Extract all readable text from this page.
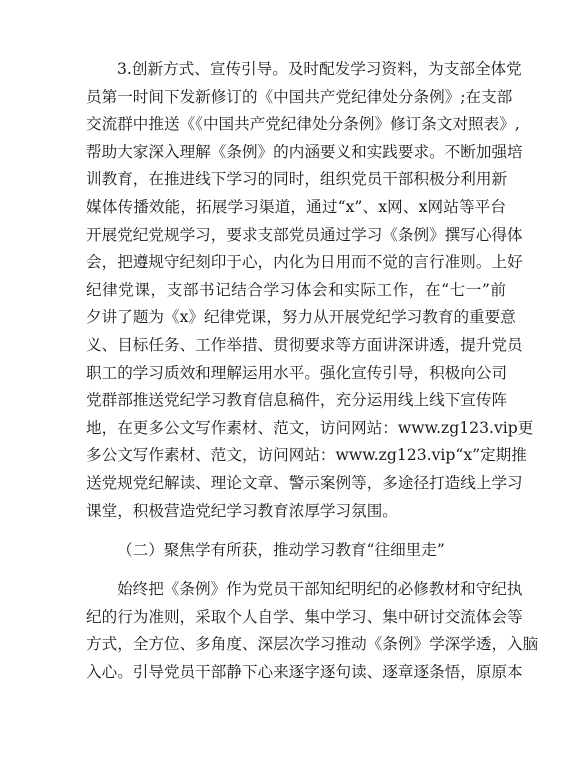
3.创新方式、宣传引导。及时配发学习资料，为支部全体党
员第一时间下发新修订的《中国共产党纪律处分条例》;在支部
交流群中推送《《中国共产党纪律处分条例》修订条文对照表》,
帮助大家深入理解《条例》的内涵要义和实践要求。不断加强培
训教育，在推进线下学习的同时，组织党员干部积极分利用新
媒体传播效能，拓展学习渠道，通过“x”、x网、x网站等平台
开展党纪党规学习，要求支部党员通过学习《条例》撰写心得体
会，把遵规守纪刻印于心，内化为日用而不觉的言行准则。上好
纪律党课，支部书记结合学习体会和实际工作，在“七一”前
夕讲了题为《x》纪律党课，努力从开展党纪学习教育的重要意
义、目标任务、工作举措、贯彻要求等方面讲深讲透，提升党员
职工的学习质效和理解运用水平。强化宣传引导，积极向公司
党群部推送党纪学习教育信息稿件，充分运用线上线下宣传阵
地，在更多公文写作素材、范文，访问网站：www.zg123.vip更
多公文写作素材、范文，访问网站：www.zg123.vip“x”定期推
送党规党纪解读、理论文章、警示案例等，多途径打造线上学习
课堂，积极营造党纪学习教育浓厚学习氛围。
（二）聚焦学有所获，推动学习教育“往细里走”
始终把《条例》作为党员干部知纪明纪的必修教材和守纪执
纪的行为准则，采取个人自学、集中学习、集中研讨交流体会等
方式，全方位、多角度、深层次学习推动《条例》学深学透，入脑
入心。引导党员干部静下心来逐字逐句读、逐章逐条悟，原原本
